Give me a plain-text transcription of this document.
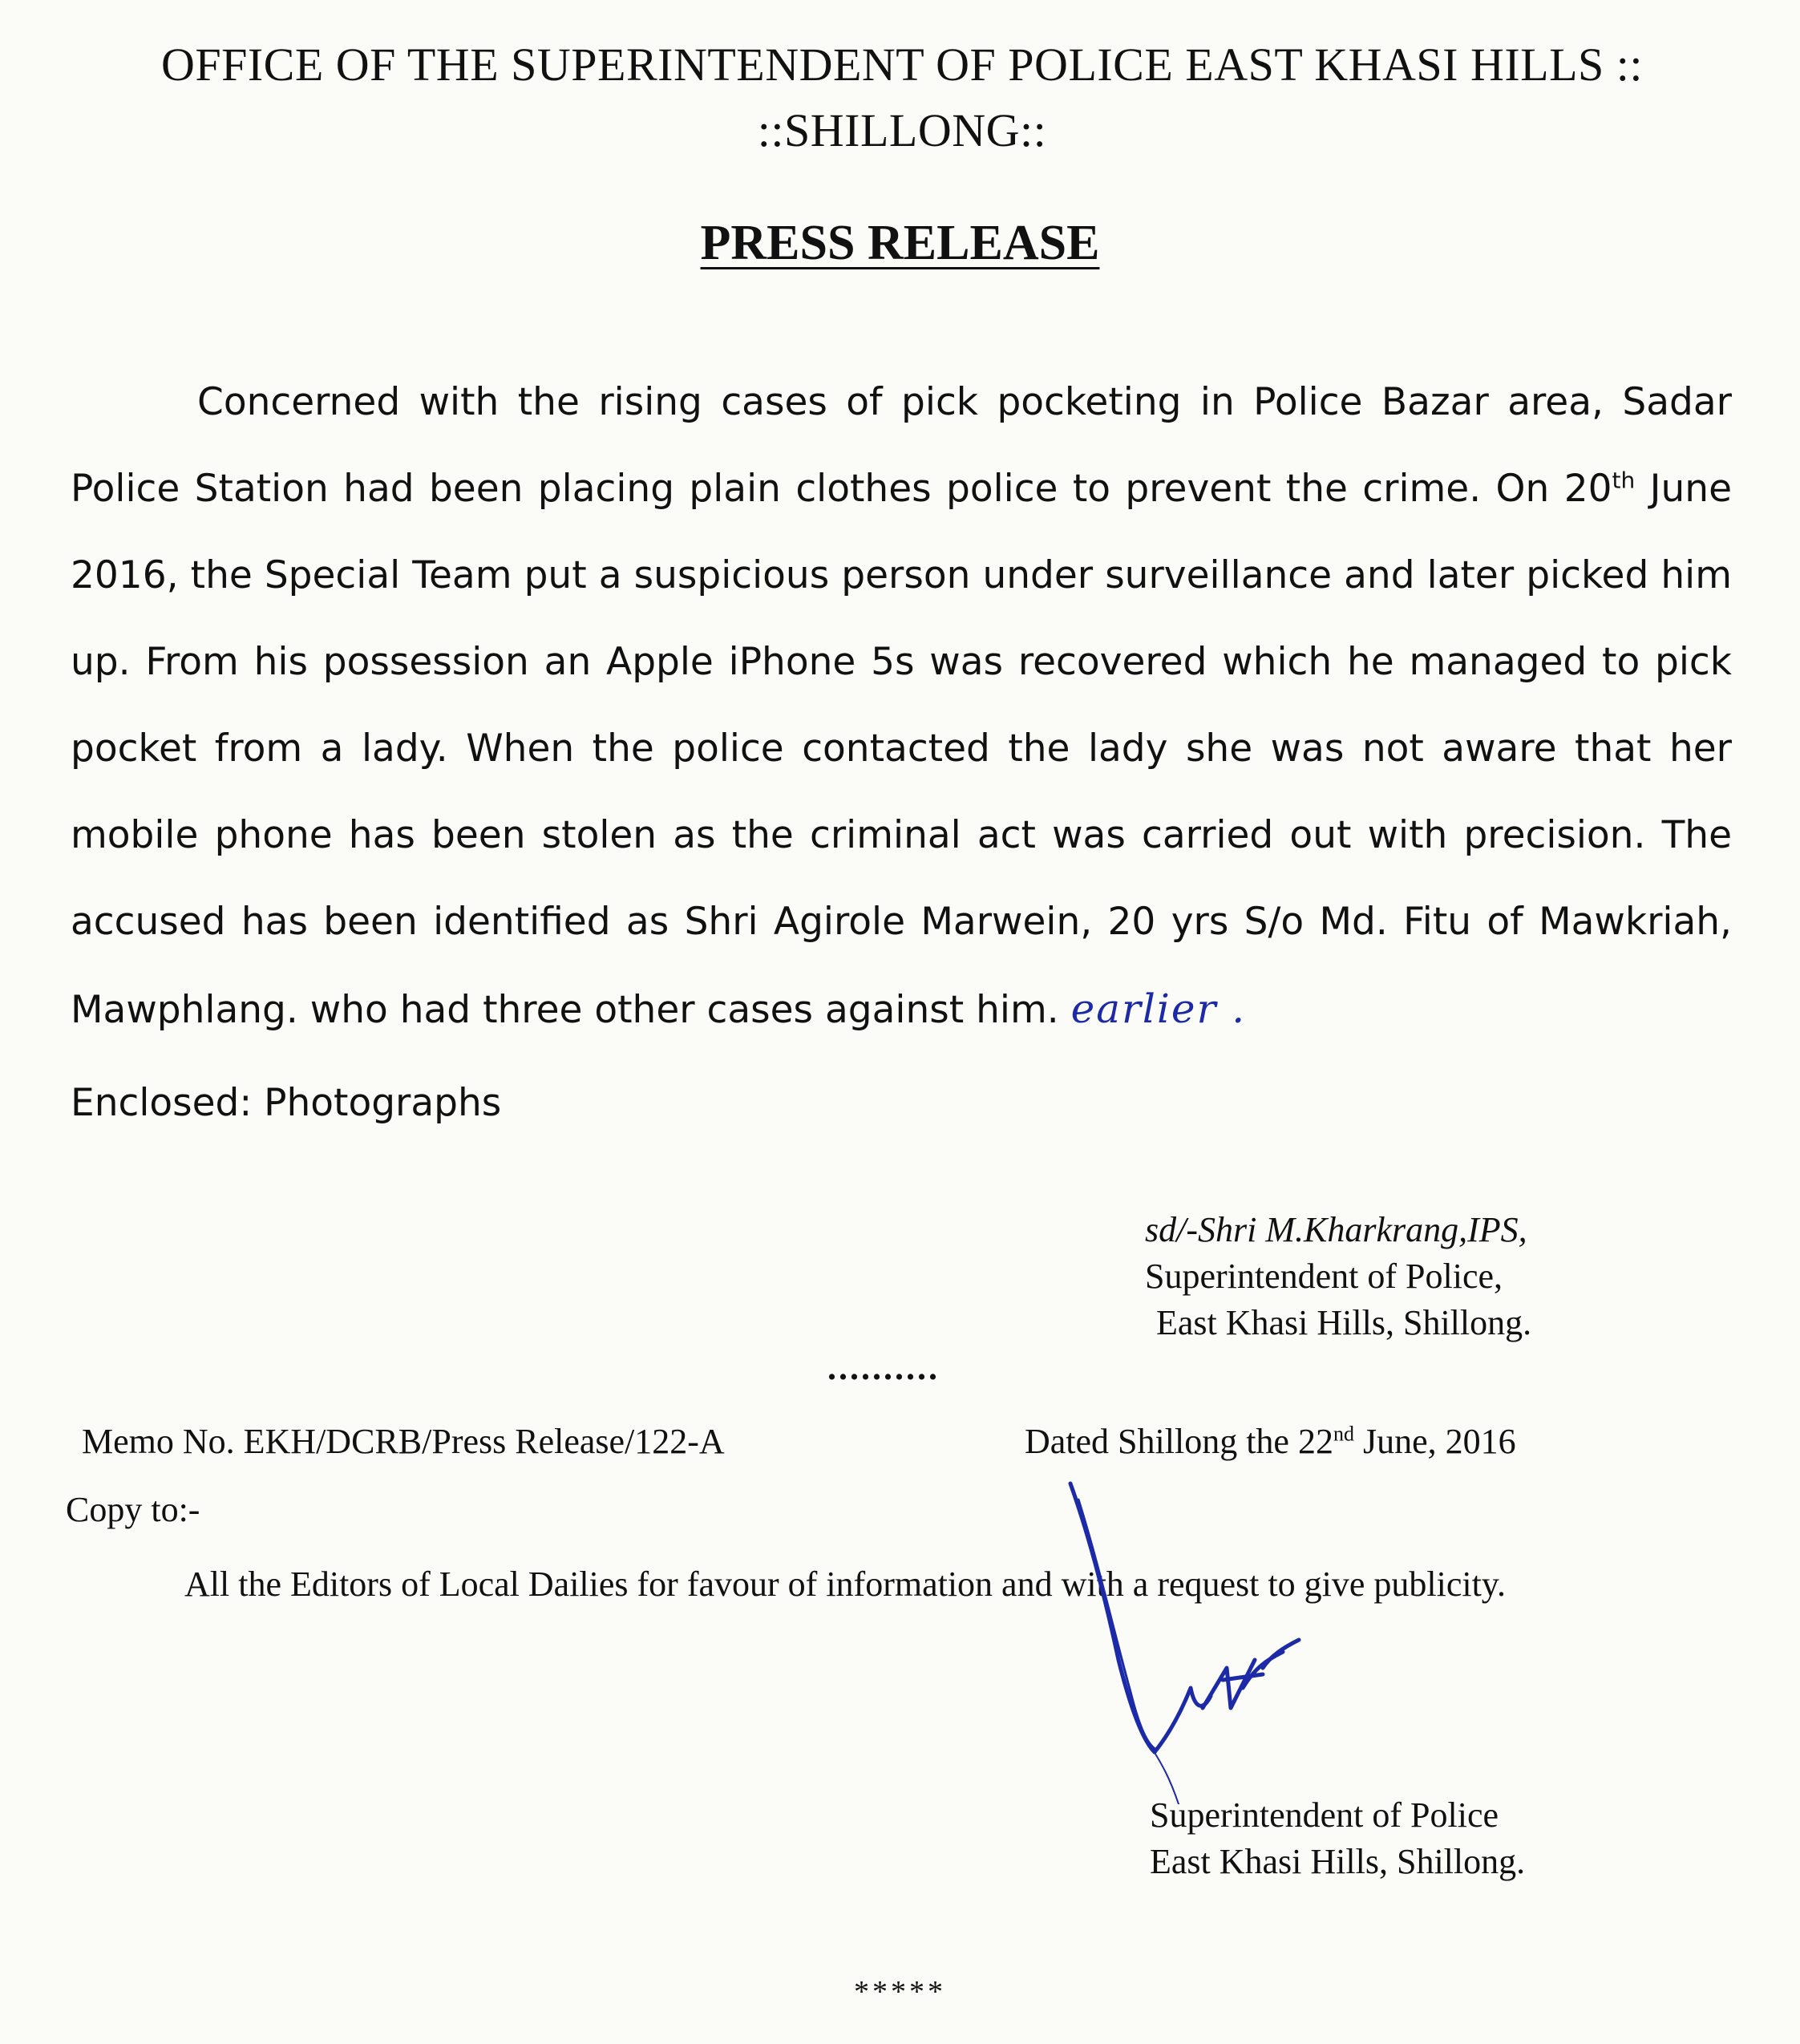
OFFICE OF THE SUPERINTENDENT OF POLICE EAST KHASI HILLS ::
::SHILLONG::
PRESS RELEASE
Concerned with the rising cases of pick pocketing in Police Bazar area, Sadar Police Station had been placing plain clothes police to prevent the crime. On 20th June 2016, the Special Team put a suspicious person under surveillance and later picked him up. From his possession an Apple iPhone 5s was recovered which he managed to pick pocket from a lady. When the police contacted the lady she was not aware that her mobile phone has been stolen as the criminal act was carried out with precision. The accused has been identified as Shri Agirole Marwein, 20 yrs S/o Md. Fitu of Mawkriah, Mawphlang. who had three other cases against him. earlier .
Enclosed: Photographs
sd/-Shri M.Kharkrang,IPS,
Superintendent of Police,
East Khasi Hills, Shillong.
..........
Memo No. EKH/DCRB/Press Release/122-A	Dated Shillong the 22nd June, 2016
Copy to:-
All the Editors of Local Dailies for favour of information and with a request to give publicity.
Superintendent of Police
East Khasi Hills, Shillong.
*****
